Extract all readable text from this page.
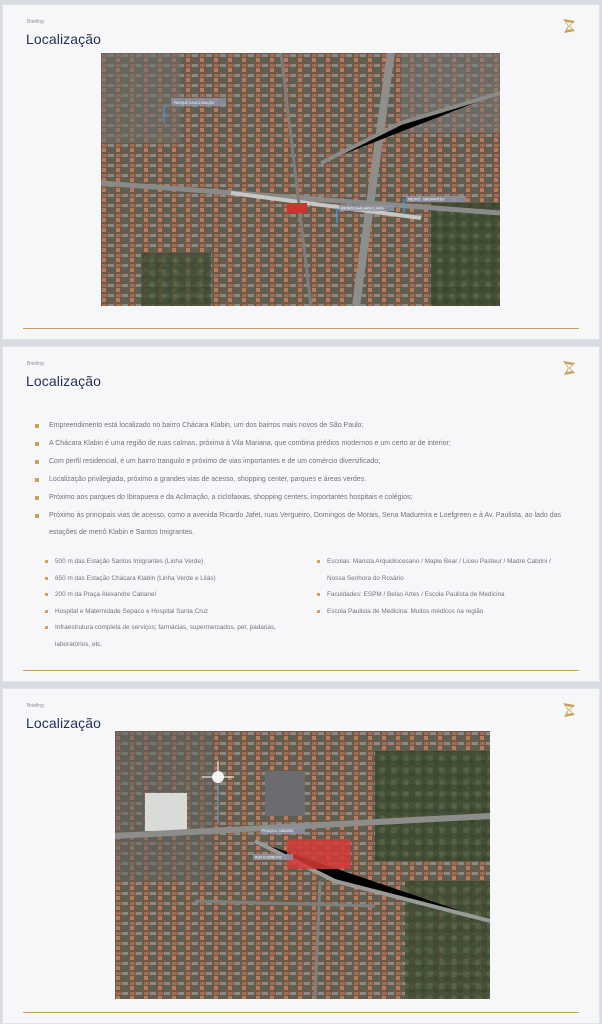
Briefing
Localização
PARQUE DA ACLIMAÇÃO
METRÔ CHÁCARA KLABIN
METRÔ · IMIGRANTES
Briefing
Localização
Empreendimento está localizado no bairro Chácara Klabin, um dos bairros mais novos de São Paulo;
A Chácara Klabin é uma região de ruas calmas, próxima à Vila Mariana, que combina prédios modernos e um certo ar de interior;
Com perfil residencial, é um bairro tranquilo e próximo de vias importantes e de um comércio diversificado;
Localização privilegiada, próximo a grandes vias de acesso, shopping center, parques e áreas verdes.
Próximo aos parques do Ibirapuera e da Aclimação, a ciclofaixas, shopping centers, importantes hospitais e colégios;
Próximo às principais vias de acesso, como a avenida Ricardo Jafet, ruas Vergueiro, Domingos de Morais, Sena Madureira e Loefgreen e à Av. Paulista, ao lado das estações de metrô Klabin e Santos Imigrantes.
500 m das Estação Santos Imigrantes (Linha Verde)
650 m das Estação Chácara Klabin (Linha Verde e Lilás)
200 m da Praça Alexandre Cabanel
Hospital e Maternidade Sepaco e Hospital Santa Cruz
Infraestrutura completa de serviços; farmácias, supermercados, pet, padarias, laboratórios, etc.
Escolas: Marista Arquidiocesano / Maple Bear / Liceu Pasteur / Madre Cabrini / Nossa Senhora do Rosário
Faculdades: ESPM / Belas Artes / Escola Paulista de Medicina
Escola Paulista de Medicina: Muitos médicos na região
Briefing
Localização
PRAÇA A. CABANEL
RUA DOMINGOS
